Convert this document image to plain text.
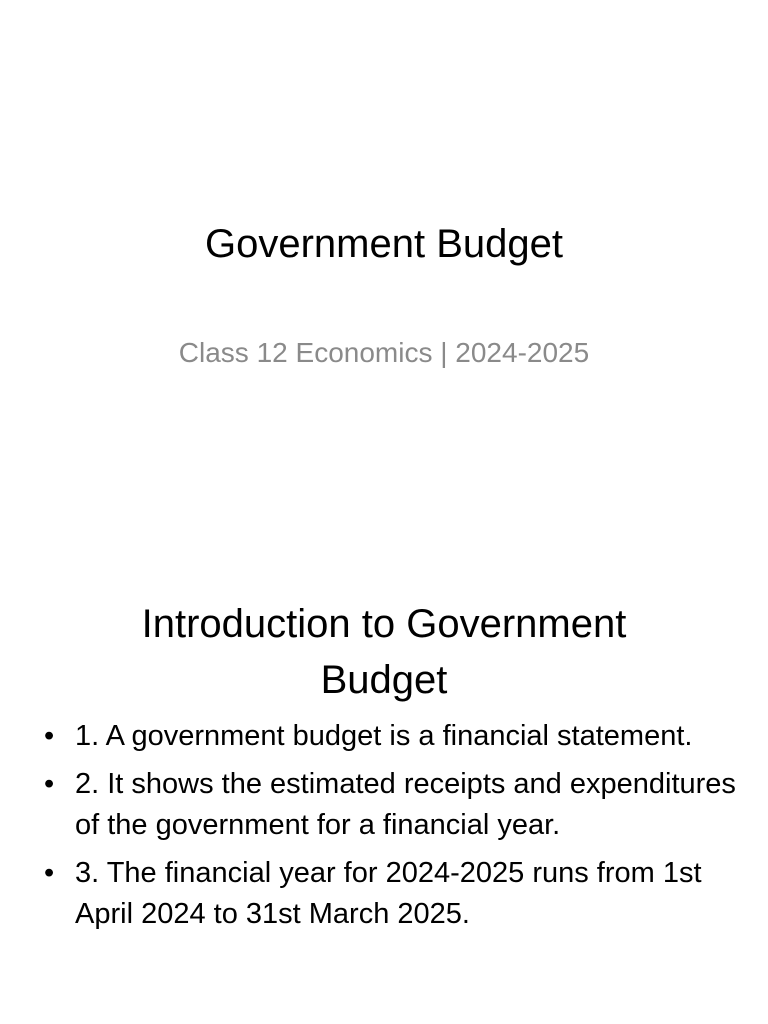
Government Budget
Class 12 Economics | 2024-2025
Introduction to Government Budget
• 1. A government budget is a financial statement.
• 2. It shows the estimated receipts and expenditures of the government for a financial year.
• 3. The financial year for 2024-2025 runs from 1st April 2024 to 31st March 2025.
